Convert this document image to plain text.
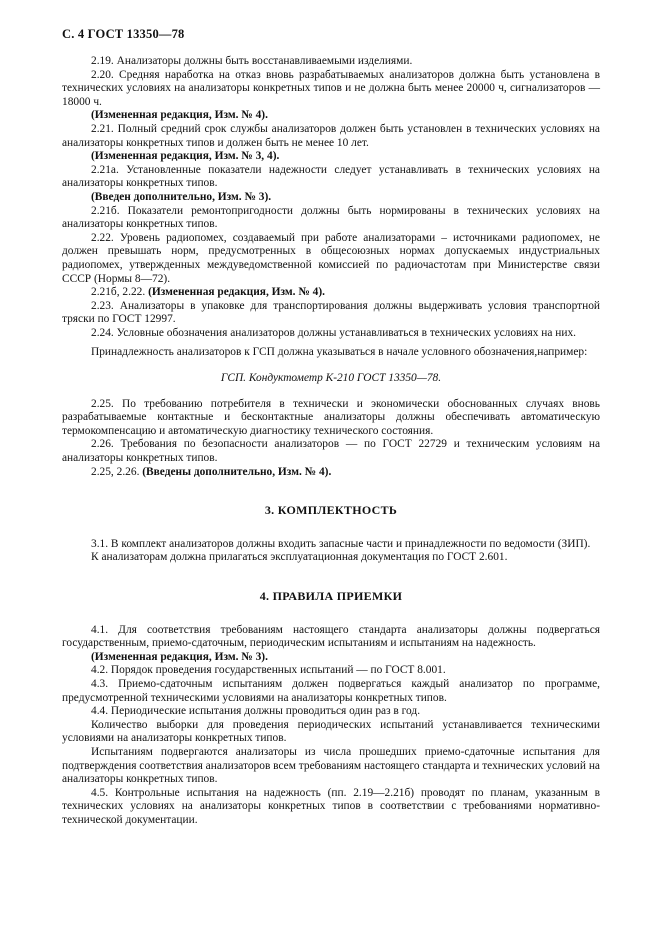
С. 4 ГОСТ 13350—78

2.19. Анализаторы должны быть восстанавливаемыми изделиями.

2.20. Средняя наработка на отказ вновь разрабатываемых анализаторов должна быть установлена в технических условиях на анализаторы конкретных типов и не должна быть менее 20000 ч, сигнализаторов — 18000 ч.

(Измененная редакция, Изм. № 4).

2.21. Полный средний срок службы анализаторов должен быть установлен в технических условиях на анализаторы конкретных типов и должен быть не менее 10 лет.

(Измененная редакция, Изм. № 3, 4).

2.21а. Установленные показатели надежности следует устанавливать в технических условиях на анализаторы конкретных типов.

(Введен дополнительно, Изм. № 3).

2.21б. Показатели ремонтопригодности должны быть нормированы в технических условиях на анализаторы конкретных типов.

2.22. Уровень радиопомех, создаваемый при работе анализаторами – источниками радиопомех, не должен превышать норм, предусмотренных в общесоюзных нормах допускаемых индустриальных радиопомех, утвержденных междуведомственной комиссией по радиочастотам при Министерстве связи СССР (Нормы 8—72).

2.21б, 2.22. (Измененная редакция, Изм. № 4).

2.23. Анализаторы в упаковке для транспортирования должны выдерживать условия транспортной тряски по ГОСТ 12997.

2.24. Условные обозначения анализаторов должны устанавливаться в технических условиях на них.

Принадлежность анализаторов к ГСП должна указываться в начале условного обозначения,например:

ГСП. Кондуктометр К-210 ГОСТ 13350—78.

2.25. По требованию потребителя в технически и экономически обоснованных случаях вновь разрабатываемые контактные и бесконтактные анализаторы должны обеспечивать автоматическую термокомпенсацию и автоматическую диагностику технического состояния.

2.26. Требования по безопасности анализаторов — по ГОСТ 22729 и техническим условиям на анализаторы конкретных типов.

2.25, 2.26. (Введены дополнительно, Изм. № 4).

3. КОМПЛЕКТНОСТЬ

3.1. В комплект анализаторов должны входить запасные части и принадлежности по ведомости (ЗИП).

К анализаторам должна прилагаться эксплуатационная документация по ГОСТ 2.601.

4. ПРАВИЛА ПРИЕМКИ

4.1. Для соответствия требованиям настоящего стандарта анализаторы должны подвергаться государственным, приемо-сдаточным, периодическим испытаниям и испытаниям на надежность.

(Измененная редакция, Изм. № 3).

4.2. Порядок проведения государственных испытаний — по ГОСТ 8.001.

4.3. Приемо-сдаточным испытаниям должен подвергаться каждый анализатор по программе, предусмотренной техническими условиями на анализаторы конкретных типов.

4.4. Периодические испытания должны проводиться один раз в год.

Количество выборки для проведения периодических испытаний устанавливается техническими условиями на анализаторы конкретных типов.

Испытаниям подвергаются анализаторы из числа прошедших приемо-сдаточные испытания для подтверждения соответствия анализаторов всем требованиям настоящего стандарта и технических условий на анализаторы конкретных типов.

4.5. Контрольные испытания на надежность (пп. 2.19—2.21б) проводят по планам, указанным в технических условиях на анализаторы конкретных типов в соответствии с требованиями нормативно-технической документации.
